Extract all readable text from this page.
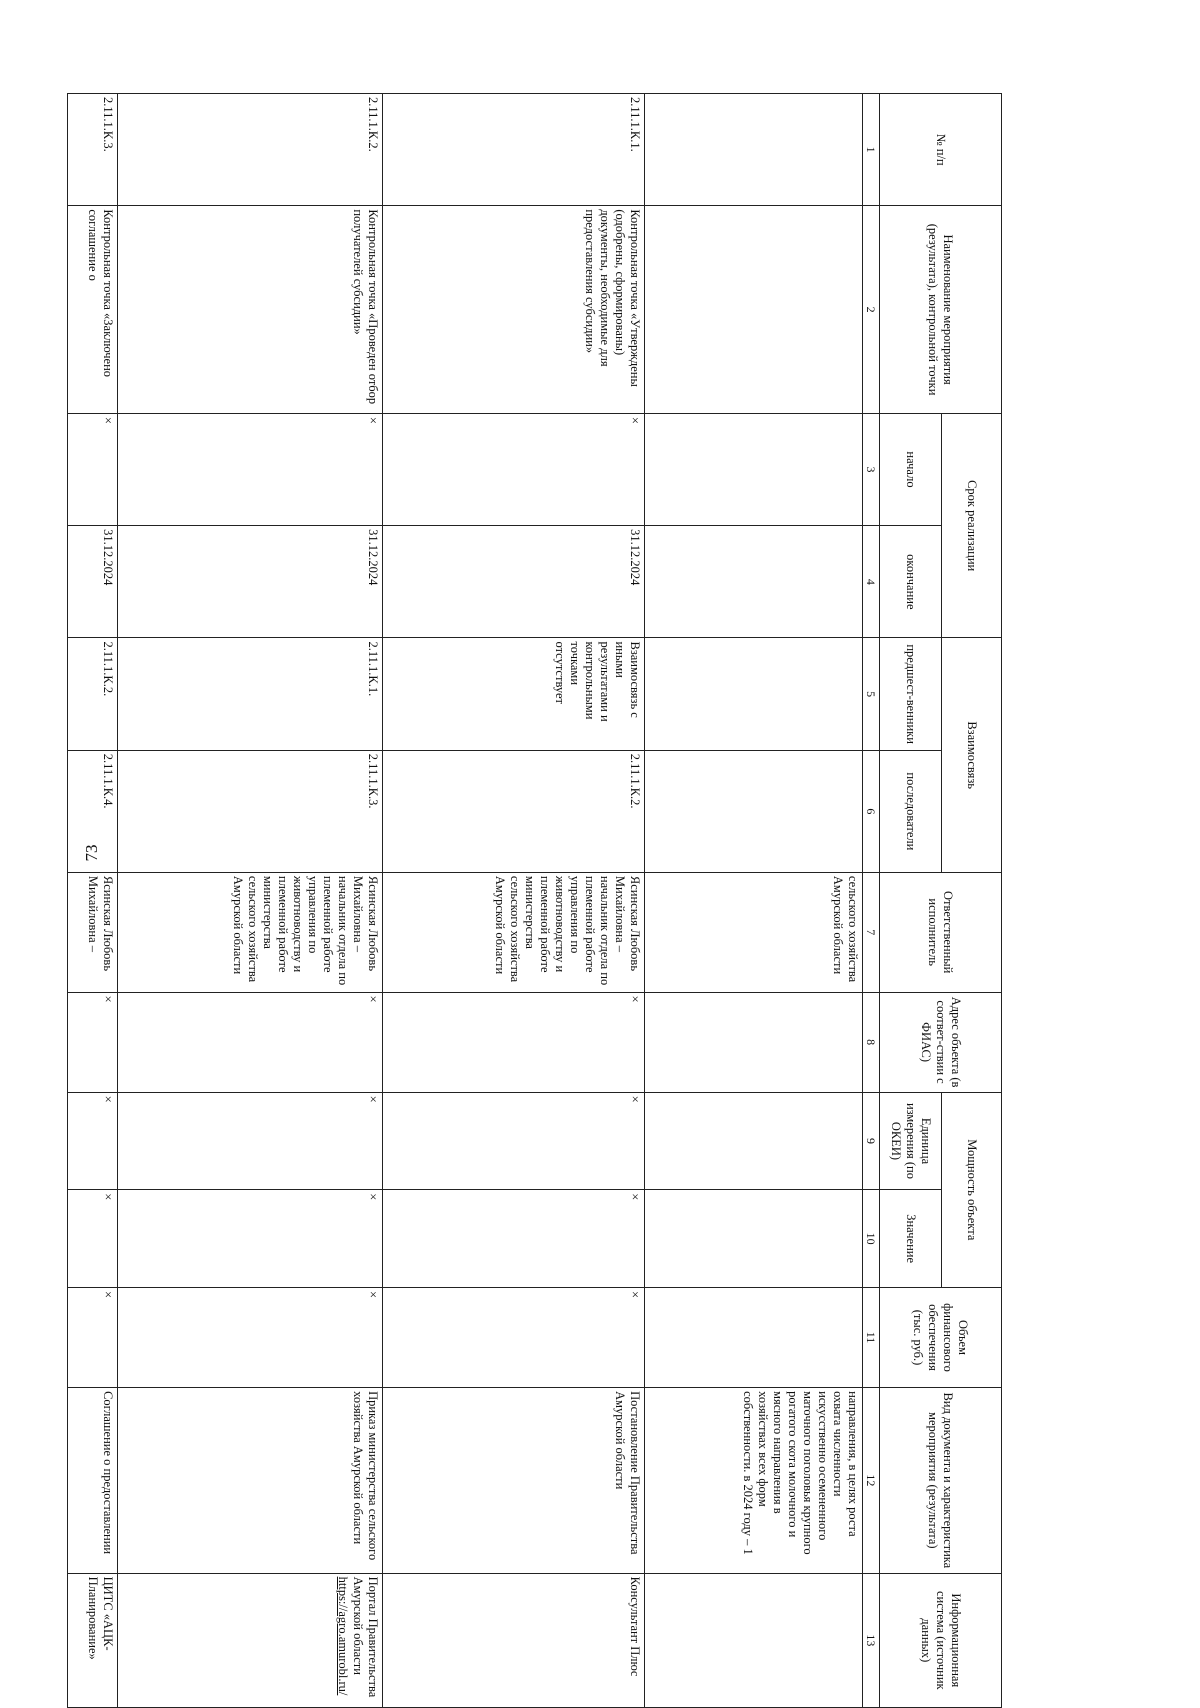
73
№ п/п	Наименование мероприятия (результата), контрольной точки	Срок реализации		Взаимосвязь		Ответственный исполнитель	Адрес объекта (в соответ-ствии с ФИАС)	Мощность объекта		Объем финансового обеспечения (тыс. руб.)	Вид документа и характеристика мероприятия (результата)	Информационная система (источник данных)
		начало	окончание	предшест-венники	последователи			Единица измерения (по ОКЕИ)	Значение			
1	2	3	4	5	6	7	8	9	10	11	12	13
						сельского хозяйства Амурской области					направления, в целях роста охвата численности искусственно осемененного маточного поголовья крупного рогатого скота молочного и мясного направления в хозяйствах всех форм собственности. в 2024 году – 1	
2.11.1.К.1.	Контрольная точка «Утверждены (одобрены, сформированы) документы, необходимые для предоставления субсидии»	×	31.12.2024	Взаимосвязь с иными результатами и контрольными точками отсутствует	2.11.1.К.2.	Ясинская Любовь Михайловна – начальник отдела по племенной работе управления по животноводству и племенной работе министерства сельского хозяйства Амурской области	×	×	×	×	Постановление Правительства Амурской области	Консультант Плюс
2.11.1.К.2.	Контрольная точка «Проведен отбор получателей субсидии»	×	31.12.2024	2.11.1.К.1.	2.11.1.К.3.	Ясинская Любовь Михайловна – начальник отдела по племенной работе управления по животноводству и племенной работе министерства сельского хозяйства Амурской области	×	×	×	×	Приказ министерства сельского хозяйства Амурской области	Портал Правительства Амурской области
https://agro.amurobl.ru/
2.11.1.К.3.	Контрольная точка «Заключено соглашение о	×	31.12.2024	2.11.1.К.2.	2.11.1.К.4.	Ясинская Любовь Михайловна –	×	×	×	×	Соглашение о предоставлении	ЦИТС «АЦК-Планирование»
